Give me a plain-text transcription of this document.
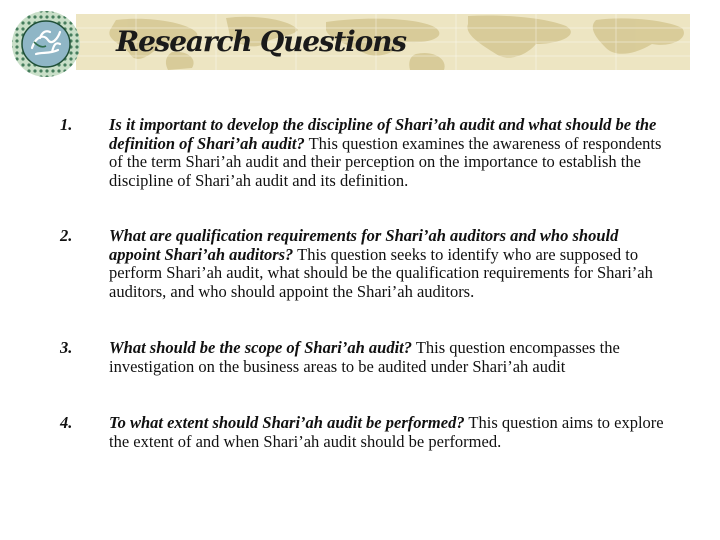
Research Questions
1.	Is it important to develop the discipline of Shari’ah audit and what should be the definition of Shari’ah audit? This question examines the awareness of respondents of the term Shari’ah audit and their perception on the importance to establish the discipline of Shari’ah audit and its definition.
2.	What are qualification requirements for Shari’ah auditors and who should appoint Shari’ah auditors? This question seeks to identify who are supposed to perform Shari’ah audit, what should be the qualification requirements for Shari’ah auditors, and who should appoint the Shari’ah auditors.
3.	What should be the scope of Shari’ah audit? This question encompasses the investigation on the business areas to be audited under Shari’ah audit
4.	To what extent should Shari’ah audit be performed? This question aims to explore the extent of and when Shari’ah audit should be performed.
